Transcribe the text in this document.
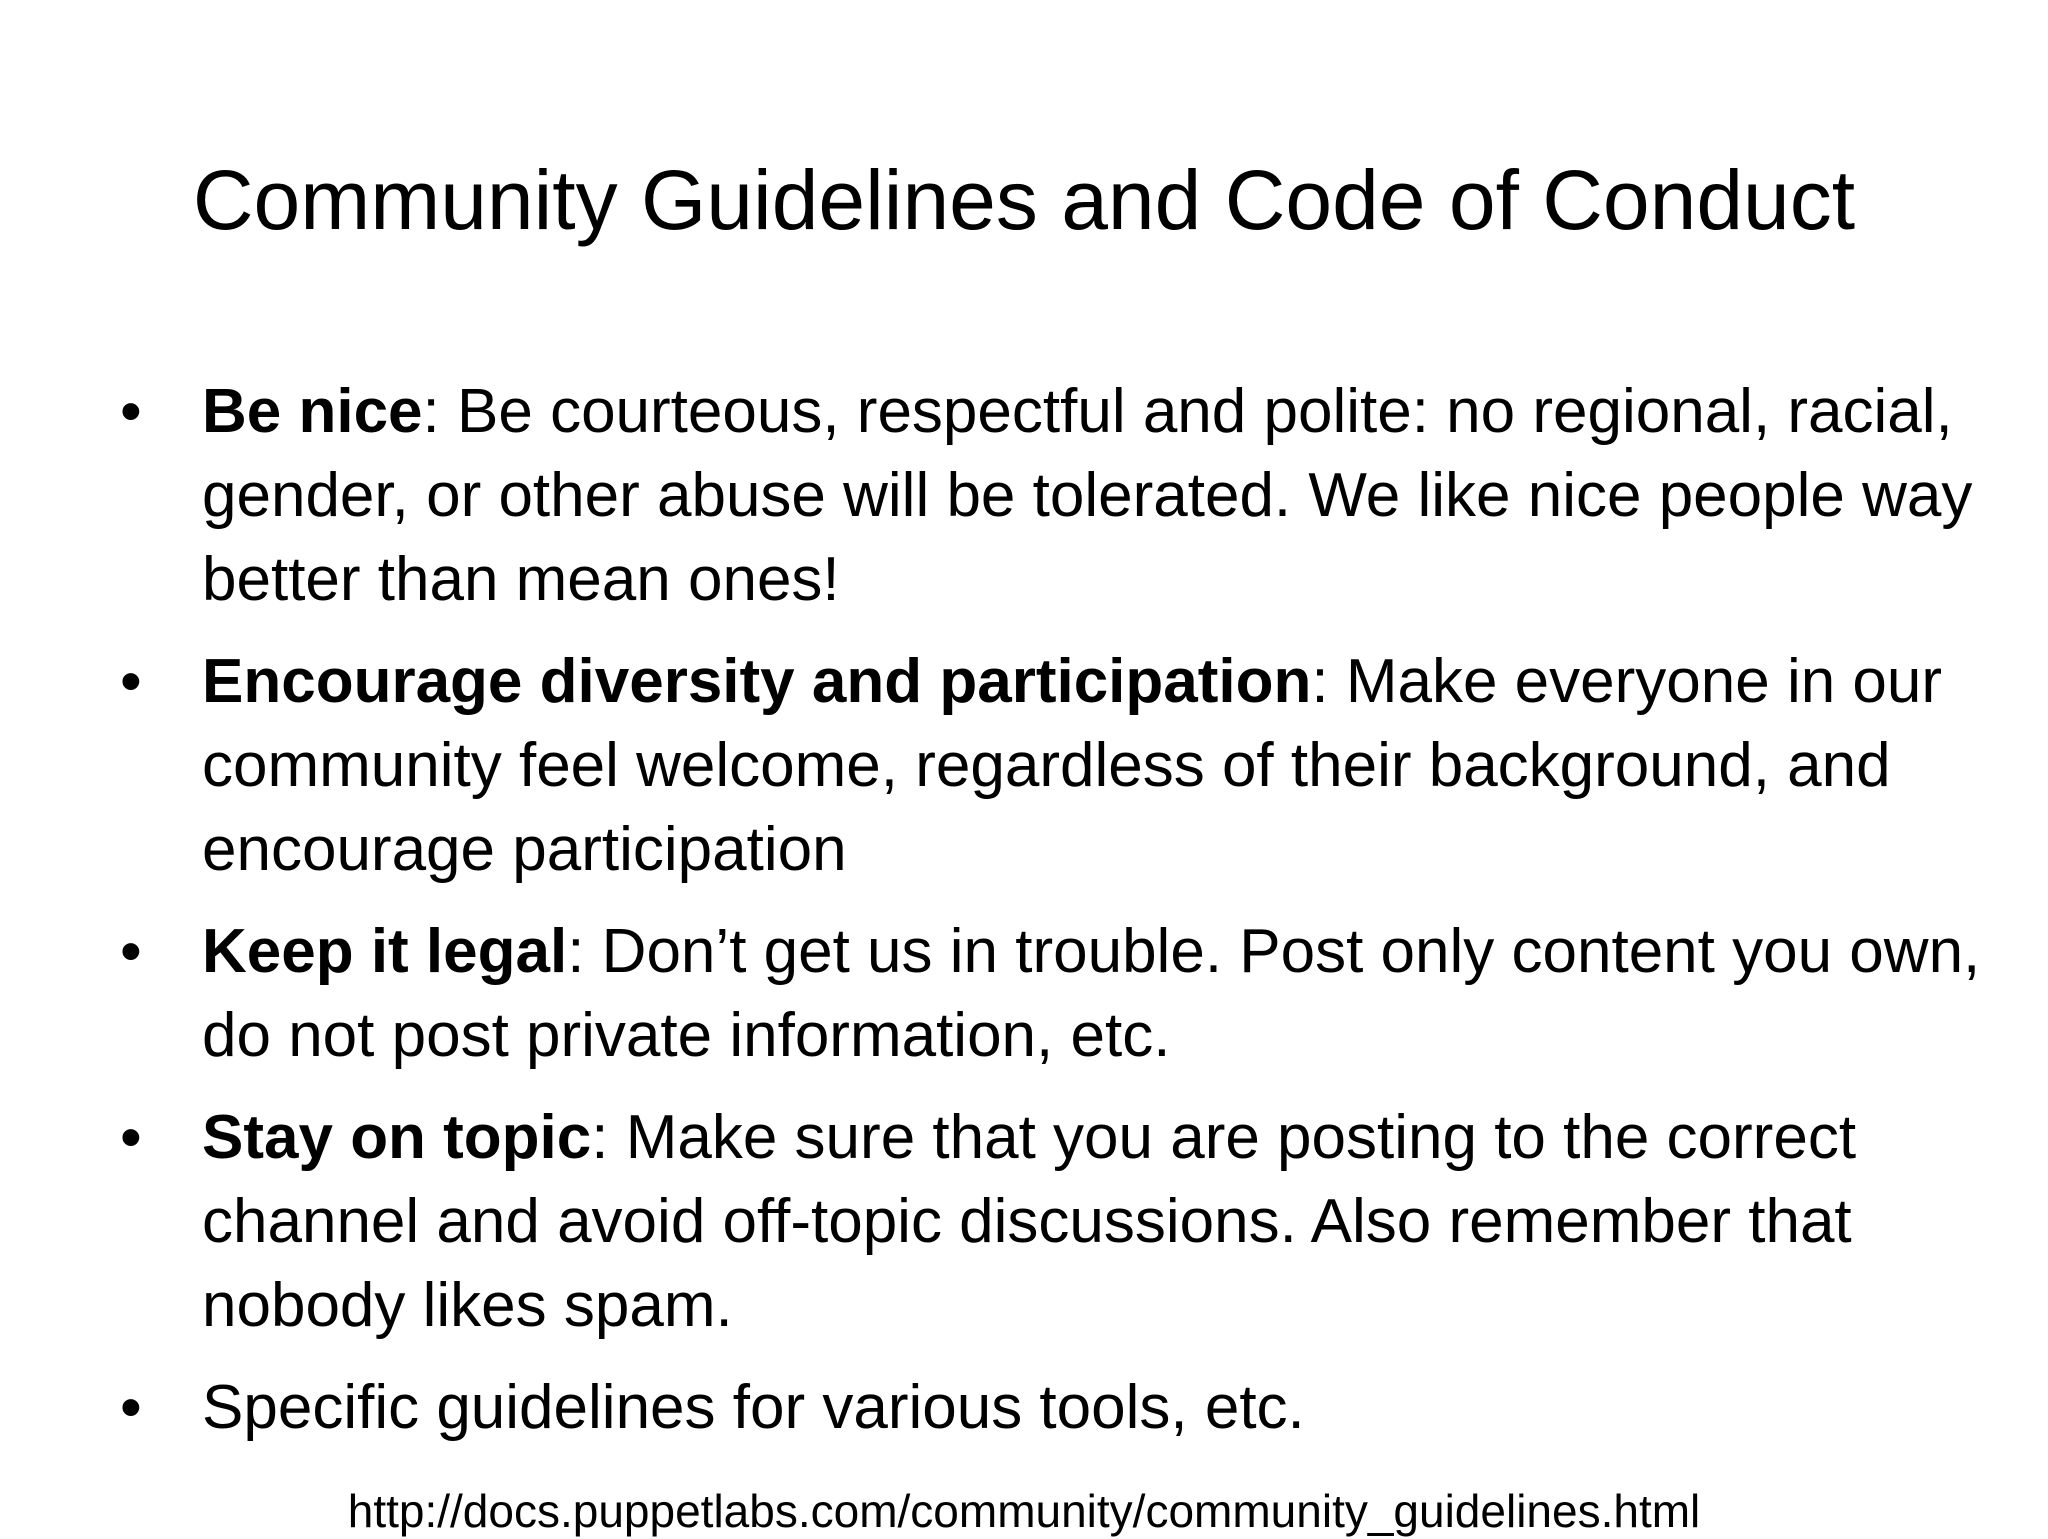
Community Guidelines and Code of Conduct
• Be nice: Be courteous, respectful and polite: no regional, racial, gender, or other abuse will be tolerated. We like nice people way better than mean ones!
• Encourage diversity and participation: Make everyone in our community feel welcome, regardless of their background, and encourage participation
• Keep it legal: Don’t get us in trouble. Post only content you own, do not post private information, etc.
• Stay on topic: Make sure that you are posting to the correct channel and avoid off-topic discussions. Also remember that nobody likes spam.
• Specific guidelines for various tools, etc.
http://docs.puppetlabs.com/community/community_guidelines.html
